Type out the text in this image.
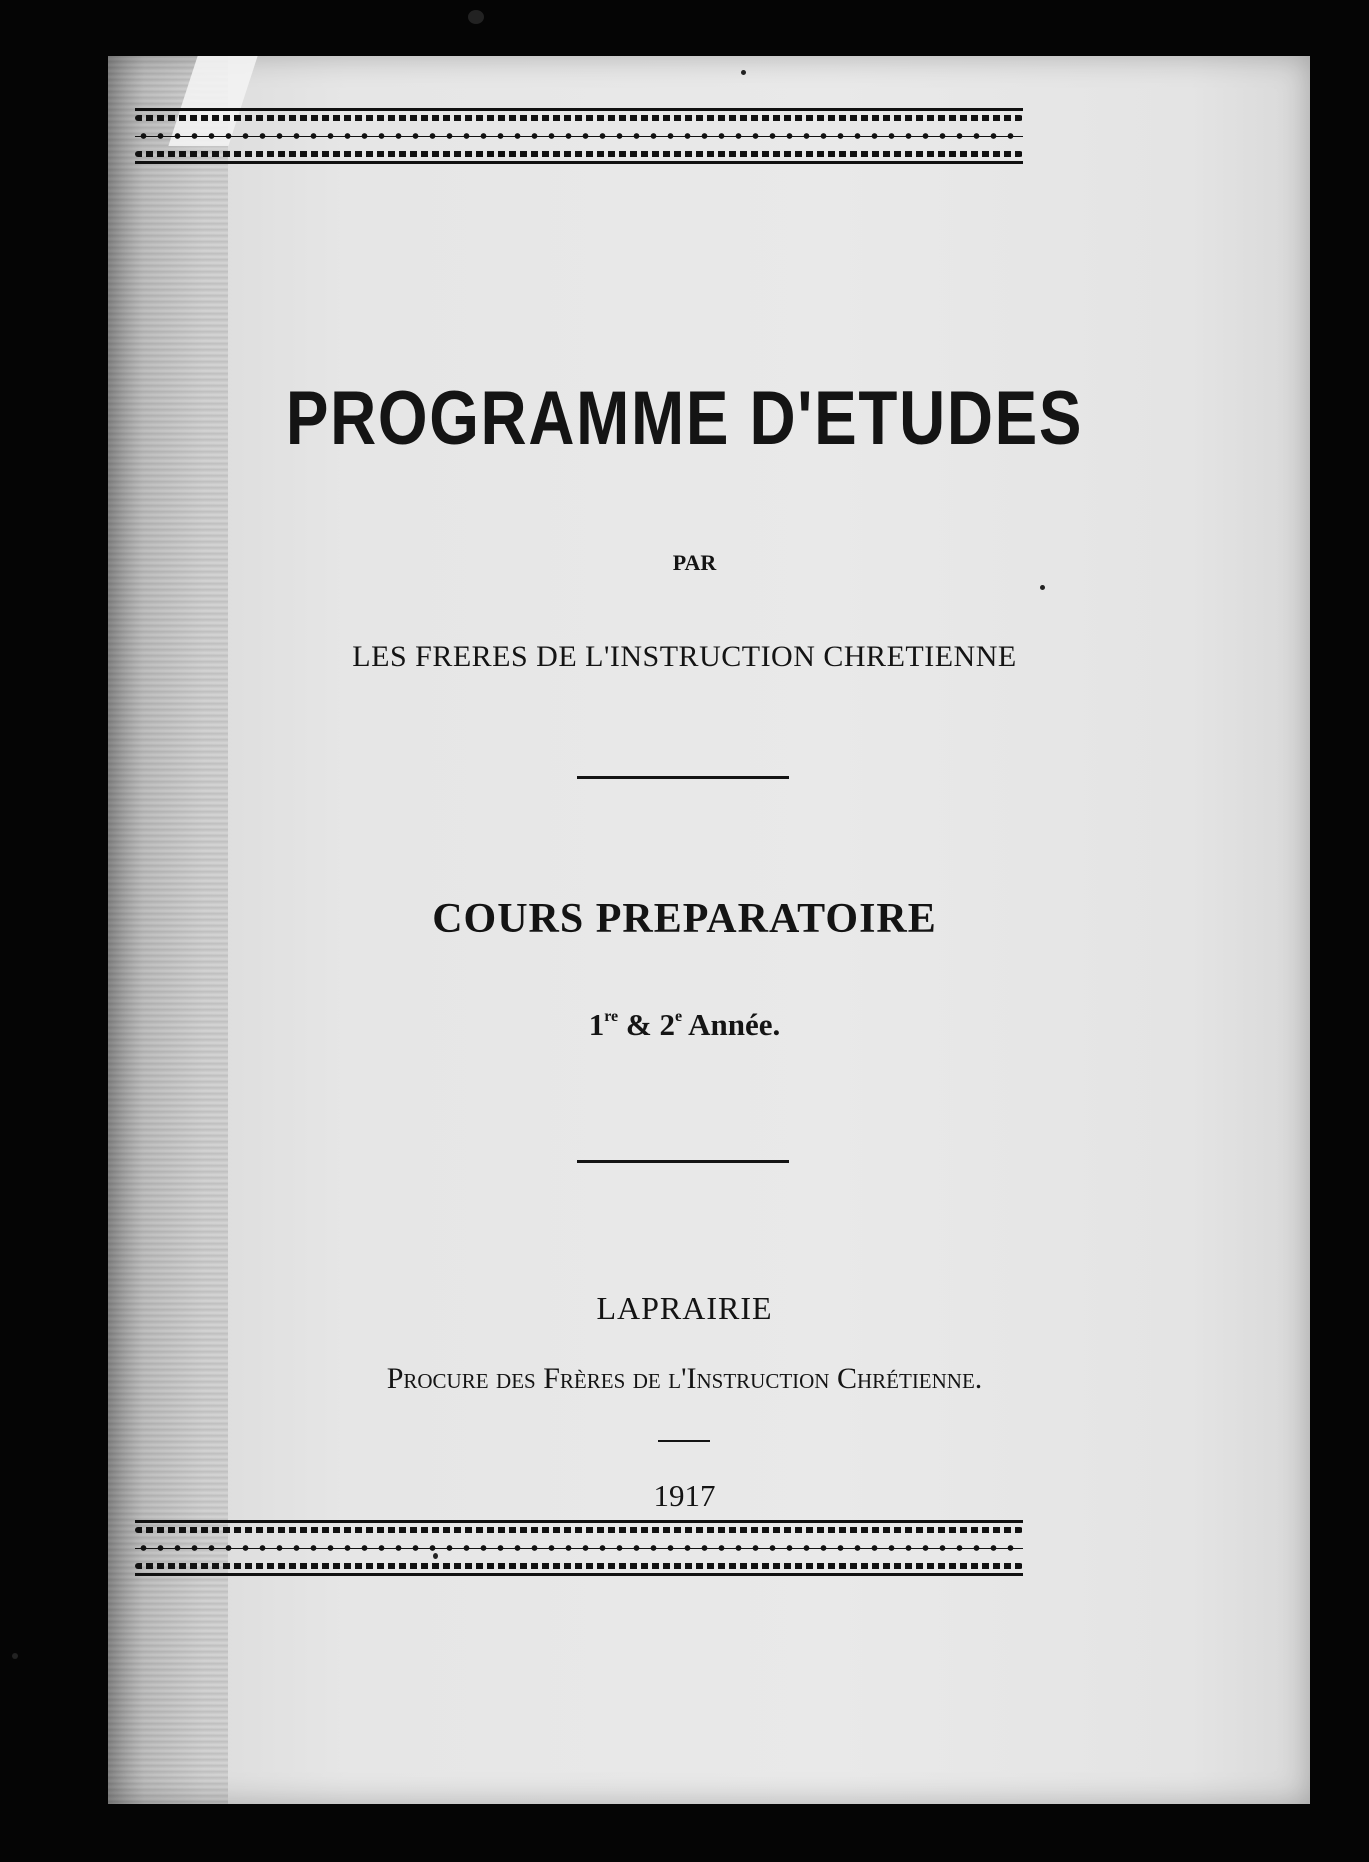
PROGRAMME D'ETUDES

PAR

LES FRERES DE L'INSTRUCTION CHRETIENNE

COURS PREPARATOIRE

1re & 2e Année.

LAPRAIRIE

Procure des Frères de l'Instruction Chrétienne.

1917
